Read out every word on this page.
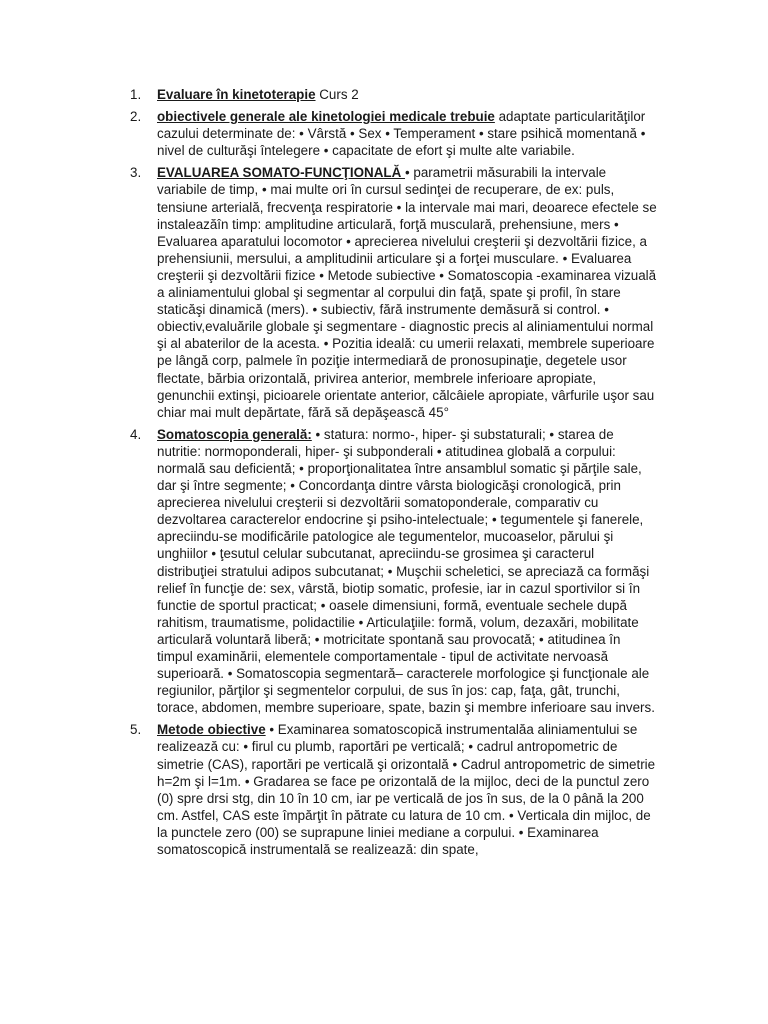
1.	Evaluare în kinetoterapie Curs 2
2.	obiectivele generale ale kinetologiei medicale trebuie adaptate particularităţilor cazului determinate de: • Vârstă • Sex • Temperament • stare psihică momentană • nivel de culturăşi întelegere • capacitate de efort şi multe alte variabile.
3.	EVALUAREA SOMATO-FUNCŢIONALĂ • parametrii măsurabili la intervale variabile de timp, • mai multe ori în cursul sedinţei de recuperare, de ex: puls, tensiune arterială, frecvenţa respiratorie • la intervale mai mari, deoarece efectele se instaleazăîn timp: amplitudine articulară, forţă musculară, prehensiune, mers • Evaluarea aparatului locomotor • aprecierea nivelului creşterii şi dezvoltării fizice, a prehensiunii, mersului, a amplitudinii articulare şi a forţei musculare. • Evaluarea creşterii şi dezvoltării fizice • Metode subiective • Somatoscopia -examinarea vizuală a aliniamentului global şi segmentar al corpului din faţă, spate şi profil, în stare staticăşi dinamică (mers). • subiectiv, fără instrumente demăsură si control. • obiectiv,evaluările globale şi segmentare - diagnostic precis al aliniamentului normal şi al abaterilor de la acesta. • Pozitia ideală: cu umerii relaxati, membrele superioare pe lângă corp, palmele în poziţie intermediară de pronosupinaţie, degetele usor flectate, bărbia orizontală, privirea anterior, membrele inferioare apropiate, genunchii extinşi, picioarele orientate anterior, călcâiele apropiate, vârfurile uşor sau chiar mai mult depărtate, fără să depăşească 45°
4.	Somatoscopia generală: • statura: normo-, hiper- şi substaturali; • starea de nutritie: normoponderali, hiper- şi subponderali • atitudinea globală a corpului: normală sau deficientă; • proporţionalitatea între ansamblul somatic şi părţile sale, dar şi între segmente; • Concordanţa dintre vârsta biologicăşi cronologică, prin aprecierea nivelului creşterii si dezvoltării somatoponderale, comparativ cu dezvoltarea caracterelor endocrine şi psiho-intelectuale; • tegumentele şi fanerele, apreciindu-se modificările patologice ale tegumentelor, mucoaselor, părului şi unghiilor • ţesutul celular subcutanat, apreciindu-se grosimea şi caracterul distribuţiei stratului adipos subcutanat; • Muşchii scheletici, se apreciază ca formăşi relief în funcţie de: sex, vârstă, biotip somatic, profesie, iar in cazul sportivilor si în functie de sportul practicat; • oasele dimensiuni, formă, eventuale sechele după rahitism, traumatisme, polidactilie • Articulaţiile: formă, volum, dezaxări, mobilitate articulară voluntară liberă; • motricitate spontană sau provocată; • atitudinea în timpul examinării, elementele comportamentale - tipul de activitate nervoasă superioară. • Somatoscopia segmentară– caracterele morfologice şi funcţionale ale regiunilor, părţilor şi segmentelor corpului, de sus în jos: cap, faţa, gât, trunchi, torace, abdomen, membre superioare, spate, bazin şi membre inferioare sau invers.
5.	Metode obiective • Examinarea somatoscopică instrumentalăa aliniamentului se realizează cu: • firul cu plumb, raportări pe verticală; • cadrul antropometric de simetrie (CAS), raportări pe verticală şi orizontală • Cadrul antropometric de simetrie h=2m şi l=1m. • Gradarea se face pe orizontală de la mijloc, deci de la punctul zero (0) spre drsi stg, din 10 în 10 cm, iar pe verticală de jos în sus, de la 0 până la 200 cm. Astfel, CAS este împărţit în pătrate cu latura de 10 cm. • Verticala din mijloc, de la punctele zero (00) se suprapune liniei mediane a corpului. • Examinarea somatoscopică instrumentală se realizează: din spate,
